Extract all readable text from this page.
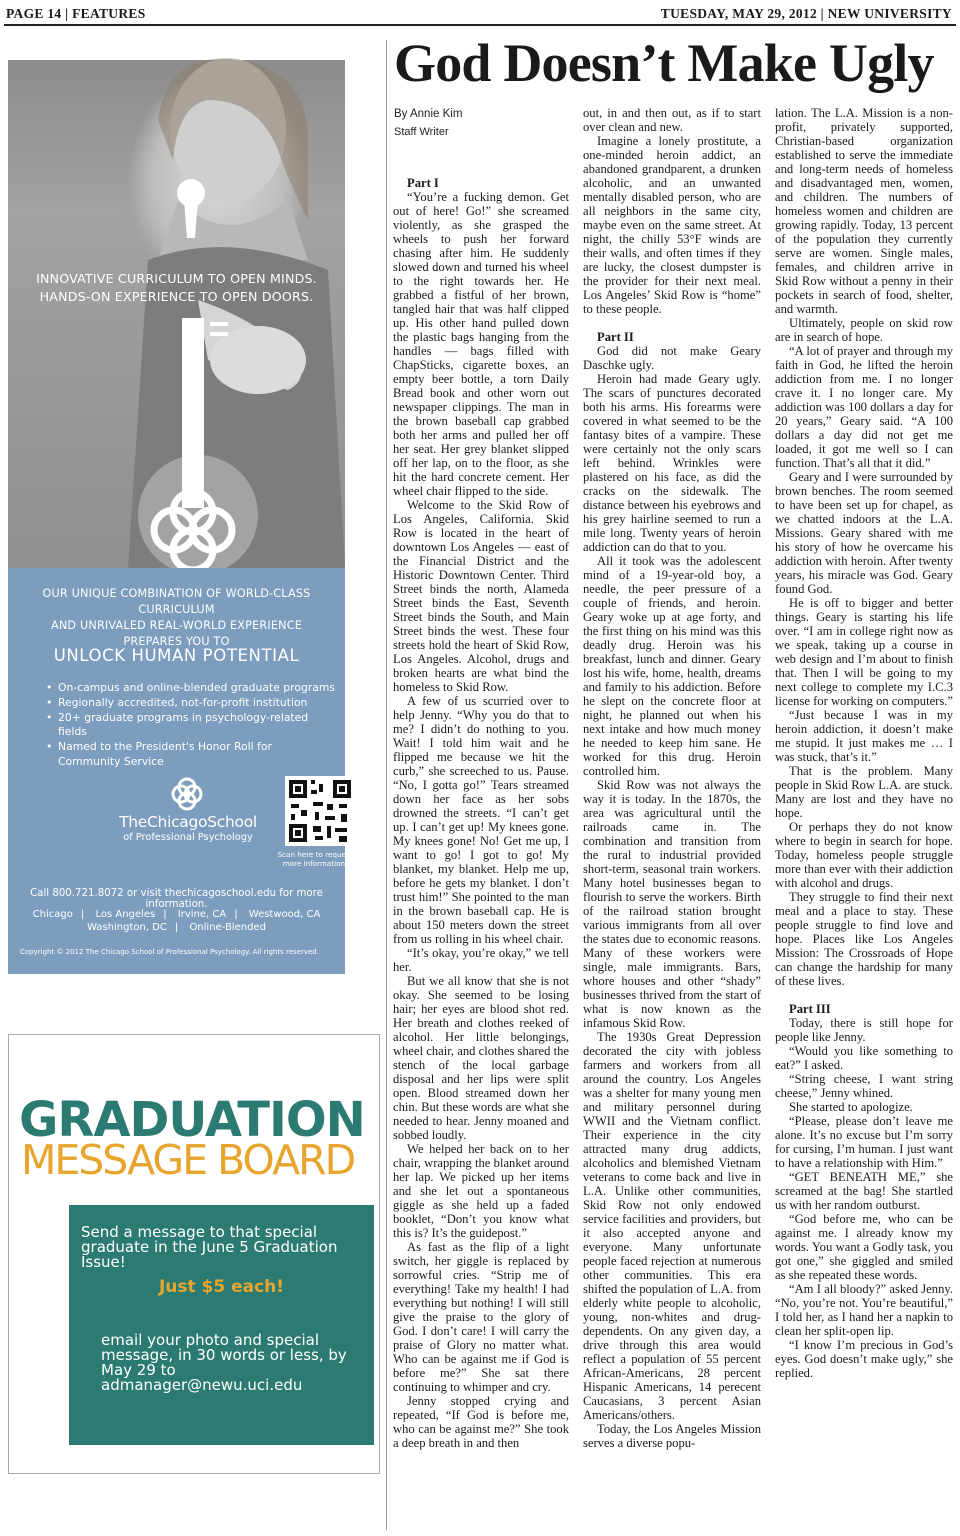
PAGE 14 | FEATURES	TUESDAY, MAY 29, 2012 | NEW UNIVERSITY
INNOVATIVE CURRICULUM TO OPEN MINDS.
HANDS-ON EXPERIENCE TO OPEN DOORS.
OUR UNIQUE COMBINATION OF WORLD-CLASS CURRICULUM
AND UNRIVALED REAL-WORLD EXPERIENCE
PREPARES YOU TO
UNLOCK HUMAN POTENTIAL
• On-campus and online-blended graduate programs
• Regionally accredited, not-for-profit institution
• 20+ graduate programs in psychology-related fields
• Named to the President's Honor Roll for Community Service
TheChicagoSchool
of Professional Psychology
Scan here to request
more information.
Call 800.721.8072 or visit thechicagoschool.edu for more information.
Chicago | Los Angeles | Irvine, CA | Westwood, CA
Washington, DC | Online-Blended
Copyright © 2012 The Chicago School of Professional Psychology. All rights reserved.
GRADUATION
MESSAGE BOARD
Send a message to that special graduate in the June 5 Graduation Issue!
Just $5 each!
email your photo and special message, in 30 words or less, by May 29 to admanager@newu.uci.edu
God Doesn’t Make Ugly
By Annie Kim
Staff Writer
Part I

“You’re a fucking demon. Get out of here! Go!” she screamed violently, as she grasped the wheels to push her forward chasing after him. He suddenly slowed down and turned his wheel to the right towards her. He grabbed a fistful of her brown, tangled hair that was half clipped up. His other hand pulled down the plastic bags hanging from the handles — bags filled with ChapSticks, cigarette boxes, an empty beer bottle, a torn Daily Bread book and other worn out newspaper clippings. The man in the brown baseball cap grabbed both her arms and pulled her off her seat. Her grey blanket slipped off her lap, on to the floor, as she hit the hard concrete cement. Her wheel chair flipped to the side.

Welcome to the Skid Row of Los Angeles, California. Skid Row is located in the heart of downtown Los Angeles — east of the Financial District and the Historic Downtown Center. Third Street binds the north, Alameda Street binds the East, Seventh Street binds the South, and Main Street binds the west. These four streets hold the heart of Skid Row, Los Angeles. Alcohol, drugs and broken hearts are what bind the homeless to Skid Row.

A few of us scurried over to help Jenny. “Why you do that to me? I didn’t do nothing to you. Wait! I told him wait and he flipped me because we hit the curb,” she screeched to us. Pause. “No, I gotta go!” Tears streamed down her face as her sobs drowned the streets. “I can’t get up. I can’t get up! My knees gone. My knees gone! No! Get me up, I want to go! I got to go! My blanket, my blanket. Help me up, before he gets my blanket. I don’t trust him!” She pointed to the man in the brown baseball cap. He is about 150 meters down the street from us rolling in his wheel chair.

“It’s okay, you’re okay,” we tell her.

But we all know that she is not okay. She seemed to be losing hair; her eyes are blood shot red. Her breath and clothes reeked of alcohol. Her little belongings, wheel chair, and clothes shared the stench of the local garbage disposal and her lips were split open. Blood streamed down her chin. But these words are what she needed to hear. Jenny moaned and sobbed loudly.

We helped her back on to her chair, wrapping the blanket around her lap. We picked up her items and she let out a spontaneous giggle as she held up a faded booklet, “Don’t you know what this is? It’s the guidepost.”

As fast as the flip of a light switch, her giggle is replaced by sorrowful cries. “Strip me of everything! Take my health! I had everything but nothing! I will still give the praise to the glory of God. I don’t care! I will carry the praise of Glory no matter what. Who can be against me if God is before me?” She sat there continuing to whimper and cry.

Jenny stopped crying and repeated, “If God is before me, who can be against me?” She took a deep breath in and then

out, in and then out, as if to start over clean and new.

Imagine a lonely prostitute, a one-minded heroin addict, an abandoned grandparent, a drunken alcoholic, and an unwanted mentally disabled person, who are all neighbors in the same city, maybe even on the same street. At night, the chilly 53°F winds are their walls, and often times if they are lucky, the closest dumpster is the provider for their next meal. Los Angeles’ Skid Row is “home” to these people.

Part II

God did not make Geary Daschke ugly.

Heroin had made Geary ugly. The scars of punctures decorated both his arms. His forearms were covered in what seemed to be the fantasy bites of a vampire. These were certainly not the only scars left behind. Wrinkles were plastered on his face, as did the cracks on the sidewalk. The distance between his eyebrows and his grey hairline seemed to run a mile long. Twenty years of heroin addiction can do that to you.

All it took was the adolescent mind of a 19-year-old boy, a needle, the peer pressure of a couple of friends, and heroin. Geary woke up at age forty, and the first thing on his mind was this deadly drug. Heroin was his breakfast, lunch and dinner. Geary lost his wife, home, health, dreams and family to his addiction. Before he slept on the concrete floor at night, he planned out when his next intake and how much money he needed to keep him sane. He worked for this drug. Heroin controlled him.

Skid Row was not always the way it is today. In the 1870s, the area was agricultural until the railroads came in. The combination and transition from the rural to industrial provided short-term, seasonal train workers. Many hotel businesses began to flourish to serve the workers. Birth of the railroad station brought various immigrants from all over the states due to economic reasons. Many of these workers were single, male immigrants. Bars, whore houses and other “shady” businesses thrived from the start of what is now known as the infamous Skid Row.

The 1930s Great Depression decorated the city with jobless farmers and workers from all around the country. Los Angeles was a shelter for many young men and military personnel during WWII and the Vietnam conflict. Their experience in the city attracted many drug addicts, alcoholics and blemished Vietnam veterans to come back and live in L.A. Unlike other communities, Skid Row not only endowed service facilities and providers, but it also accepted anyone and everyone. Many unfortunate people faced rejection at numerous other communities. This era shifted the population of L.A. from elderly white people to alcoholic, young, non-whites and drug-dependents. On any given day, a drive through this area would reflect a population of 55 percent African-Americans, 28 percent Hispanic Americans, 14 perecent Caucasians, 3 percent Asian Americans/others.

Today, the Los Angeles Mission serves a diverse popu-

lation. The L.A. Mission is a non-profit, privately supported, Christian-based organization established to serve the immediate and long-term needs of homeless and disadvantaged men, women, and children. The numbers of homeless women and children are growing rapidly. Today, 13 percent of the population they currently serve are women. Single males, females, and children arrive in Skid Row without a penny in their pockets in search of food, shelter, and warmth.

Ultimately, people on skid row are in search of hope.

“A lot of prayer and through my faith in God, he lifted the heroin addiction from me. I no longer crave it. I no longer care. My addiction was 100 dollars a day for 20 years,” Geary said. “A 100 dollars a day did not get me loaded, it got me well so I can function. That’s all that it did.”

Geary and I were surrounded by brown benches. The room seemed to have been set up for chapel, as we chatted indoors at the L.A. Missions. Geary shared with me his story of how he overcame his addiction with heroin. After twenty years, his miracle was God. Geary found God.

He is off to bigger and better things. Geary is starting his life over. “I am in college right now as we speak, taking up a course in web design and I’m about to finish that. Then I will be going to my next college to complete my I.C.3 license for working on computers.”

“Just because I was in my heroin addiction, it doesn’t make me stupid. It just makes me … I was stuck, that’s it.”

That is the problem. Many people in Skid Row L.A. are stuck. Many are lost and they have no hope.

Or perhaps they do not know where to begin in search for hope. Today, homeless people struggle more than ever with their addiction with alcohol and drugs.

They struggle to find their next meal and a place to stay. These people struggle to find love and hope. Places like Los Angeles Mission: The Crossroads of Hope can change the hardship for many of these lives.

Part III

Today, there is still hope for people like Jenny.

“Would you like something to eat?” I asked.

“String cheese, I want string cheese,” Jenny whined.

She started to apologize.

“Please, please don’t leave me alone. It’s no excuse but I’m sorry for cursing, I’m human. I just want to have a relationship with Him.”

“GET BENEATH ME,” she screamed at the bag! She startled us with her random outburst.

“God before me, who can be against me. I already know my words. You want a Godly task, you got one,” she giggled and smiled as she repeated these words.

“Am I all bloody?” asked Jenny. “No, you’re not. You’re beautiful,” I told her, as I hand her a napkin to clean her split-open lip.

“I know I’m precious in God’s eyes. God doesn’t make ugly,” she replied.
